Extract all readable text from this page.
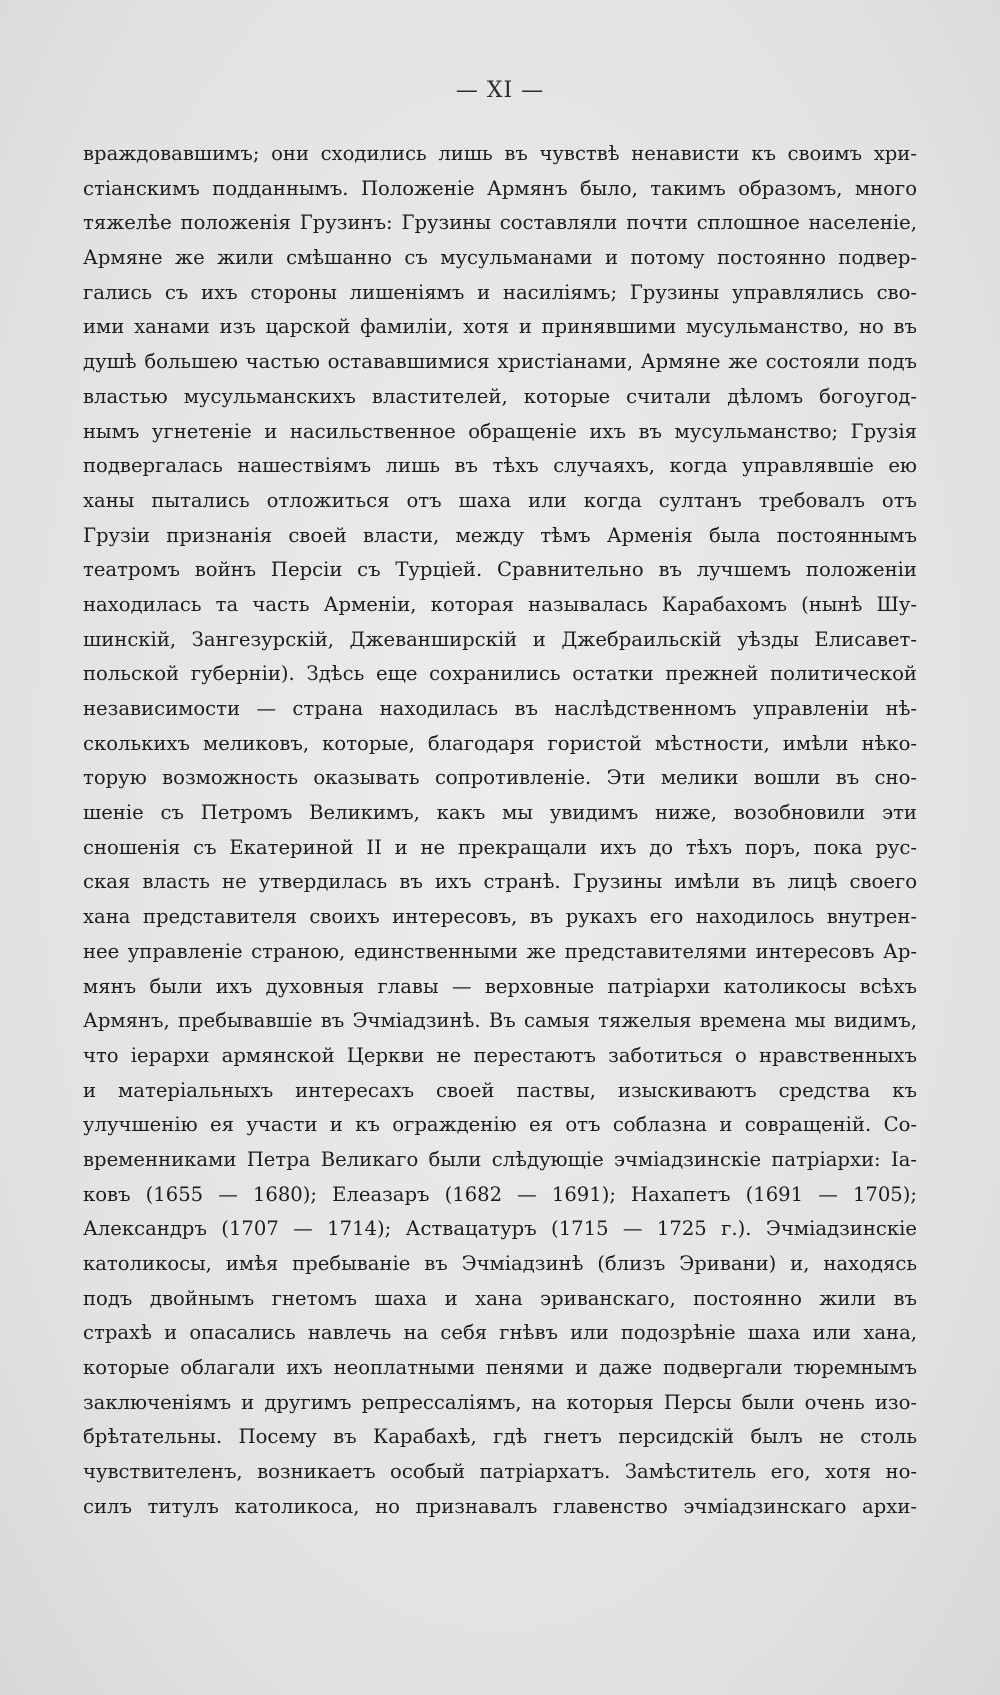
— XI —
враждовавшимъ; они сходились лишь въ чувствѣ ненависти къ своимъ хри-
стіанскимъ подданнымъ. Положеніе Армянъ было, такимъ образомъ, много
тяжелѣе положенія Грузинъ: Грузины составляли почти сплошное населеніе,
Армяне же жили смѣшанно съ мусульманами и потому постоянно подвер-
гались съ ихъ стороны лишеніямъ и насиліямъ; Грузины управлялись сво-
ими ханами изъ царской фамиліи, хотя и принявшими мусульманство, но въ
душѣ большею частью остававшимися христіанами, Армяне же состояли подъ
властью мусульманскихъ властителей, которые считали дѣломъ богоугод-
нымъ угнетеніе и насильственное обращеніе ихъ въ мусульманство; Грузія
подвергалась нашествіямъ лишь въ тѣхъ случаяхъ, когда управлявшіе ею
ханы пытались отложиться отъ шаха или когда султанъ требовалъ отъ
Грузіи признанія своей власти, между тѣмъ Арменія была постояннымъ
театромъ войнъ Персіи съ Турціей. Сравнительно въ лучшемъ положеніи
находилась та часть Арменіи, которая называлась Карабахомъ (нынѣ Шу-
шинскій, Зангезурскій, Джеванширскій и Джебраильскій уѣзды Елисавет-
польской губерніи). Здѣсь еще сохранились остатки прежней политической
независимости — страна находилась въ наслѣдственномъ управленіи нѣ-
сколькихъ меликовъ, которые, благодаря гористой мѣстности, имѣли нѣко-
торую возможность оказывать сопротивленіе. Эти мелики вошли въ сно-
шеніе съ Петромъ Великимъ, какъ мы увидимъ ниже, возобновили эти
сношенія съ Екатериной II и не прекращали ихъ до тѣхъ поръ, пока рус-
ская власть не утвердилась въ ихъ странѣ. Грузины имѣли въ лицѣ своего
хана представителя своихъ интересовъ, въ рукахъ его находилось внутрен-
нее управленіе страною, единственными же представителями интересовъ Ар-
мянъ были ихъ духовныя главы — верховные патріархи католикосы всѣхъ
Армянъ, пребывавшіе въ Эчміадзинѣ. Въ самыя тяжелыя времена мы видимъ,
что іерархи армянской Церкви не перестаютъ заботиться о нравственныхъ
и матеріальныхъ интересахъ своей паствы, изыскиваютъ средства къ
улучшенію ея участи и къ огражденію ея отъ соблазна и совращеній. Со-
временниками Петра Великаго были слѣдующіе эчміадзинскіе патріархи: Іа-
ковъ (1655 — 1680); Елеазаръ (1682 — 1691); Нахапетъ (1691 — 1705);
Александръ (1707 — 1714); Аствацатуръ (1715 — 1725 г.). Эчміадзинскіе
католикосы, имѣя пребываніе въ Эчміадзинѣ (близъ Эривани) и, находясь
подъ двойнымъ гнетомъ шаха и хана эриванскаго, постоянно жили въ
страхѣ и опасались навлечь на себя гнѣвъ или подозрѣніе шаха или хана,
которые облагали ихъ неоплатными пенями и даже подвергали тюремнымъ
заключеніямъ и другимъ репрессаліямъ, на которыя Персы были очень изо-
брѣтательны. Посему въ Карабахѣ, гдѣ гнетъ персидскій былъ не столь
чувствителенъ, возникаетъ особый патріархатъ. Замѣститель его, хотя но-
силъ титулъ католикоса, но признавалъ главенство эчміадзинскаго архи-
